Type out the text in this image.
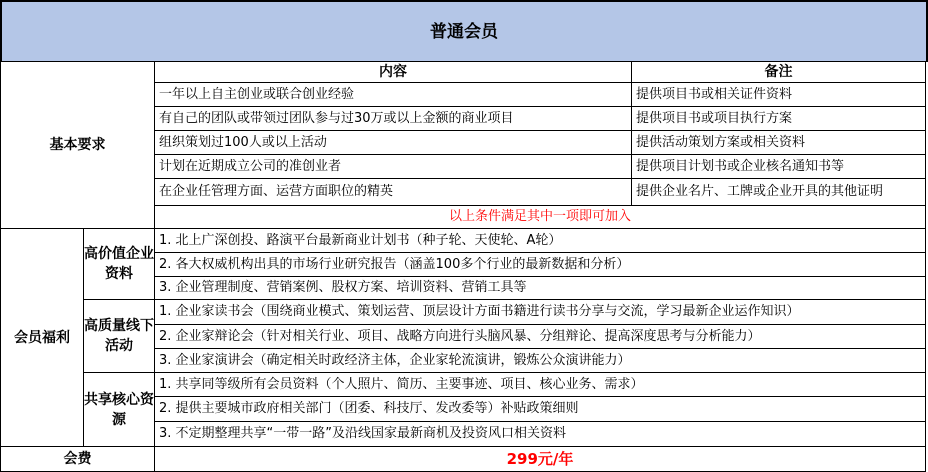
普通会员
基本要求
内容	备注
一年以上自主创业或联合创业经验	提供项目书或相关证件资料
有自己的团队或带领过团队参与过30万或以上金额的商业项目	提供项目书或项目执行方案
组织策划过100人或以上活动	提供活动策划方案或相关资料
计划在近期成立公司的准创业者	提供项目计划书或企业核名通知书等
在企业任管理方面、运营方面职位的精英	提供企业名片、工牌或企业开具的其他证明
以上条件满足其中一项即可加入
会员福利
高价值企业资料
1. 北上广深创投、路演平台最新商业计划书（种子轮、天使轮、A轮）
2. 各大权威机构出具的市场行业研究报告（涵盖100多个行业的最新数据和分析）
3. 企业管理制度、营销案例、股权方案、培训资料、营销工具等
高质量线下活动
1. 企业家读书会（围绕商业模式、策划运营、顶层设计方面书籍进行读书分享与交流，学习最新企业运作知识）
2. 企业家辩论会（针对相关行业、项目、战略方向进行头脑风暴、分组辩论、提高深度思考与分析能力）
3. 企业家演讲会（确定相关时政经济主体，企业家轮流演讲，锻炼公众演讲能力）
共享核心资源
1. 共享同等级所有会员资料（个人照片、简历、主要事迹、项目、核心业务、需求）
2. 提供主要城市政府相关部门（团委、科技厅、发改委等）补贴政策细则
3. 不定期整理共享“一带一路”及沿线国家最新商机及投资风口相关资料
会费	299元/年
